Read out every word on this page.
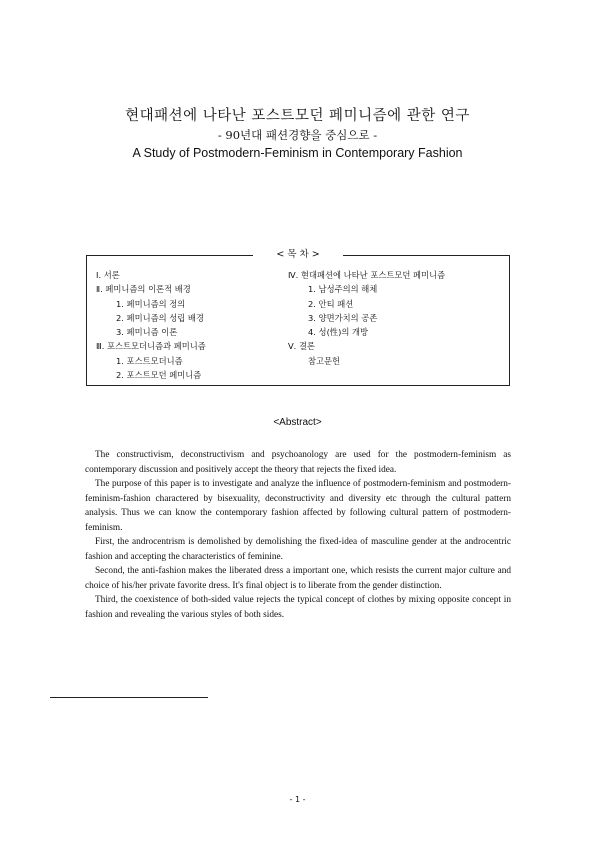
현대패션에 나타난 포스트모던 페미니즘에 관한 연구
- 90년대 패션경향을 중심으로 -
A Study of Postmodern-Feminism in Contemporary Fashion
< 목 차 >
Ⅰ. 서론
Ⅱ. 페미니즘의 이론적 배경
1. 페미니즘의 정의
2. 페미니즘의 성립 배경
3. 페미니즘 이론
Ⅲ. 포스트모더니즘과 페미니즘
1. 포스트모더니즘
2. 포스트모던 페미니즘
Ⅳ. 현대패션에 나타난 포스트모던 페미니즘
1. 남성주의의 해체
2. 안티 패션
3. 양면가치의 공존
4. 성(性)의 개방
Ⅴ. 결론
참고문헌
<Abstract>

The constructivism, deconstructivism and psychoanology are used for the postmodern-feminism as contemporary discussion and positively accept the theory that rejects the fixed idea.

The purpose of this paper is to investigate and analyze the influence of postmodern-feminism and postmodern-feminism-fashion charactered by bisexuality, deconstructivity and diversity etc through the cultural pattern analysis. Thus we can know the contemporary fashion affected by following cultural pattern of postmodern-feminism.

First, the androcentrism is demolished by demolishing the fixed-idea of masculine gender at the androcentric fashion and accepting the characteristics of feminine.

Second, the anti-fashion makes the liberated dress a important one, which resists the current major culture and choice of his/her private favorite dress. It's final object is to liberate from the gender distinction.

Third, the coexistence of both-sided value rejects the typical concept of clothes by mixing opposite concept in fashion and revealing the various styles of both sides.

- 1 -
